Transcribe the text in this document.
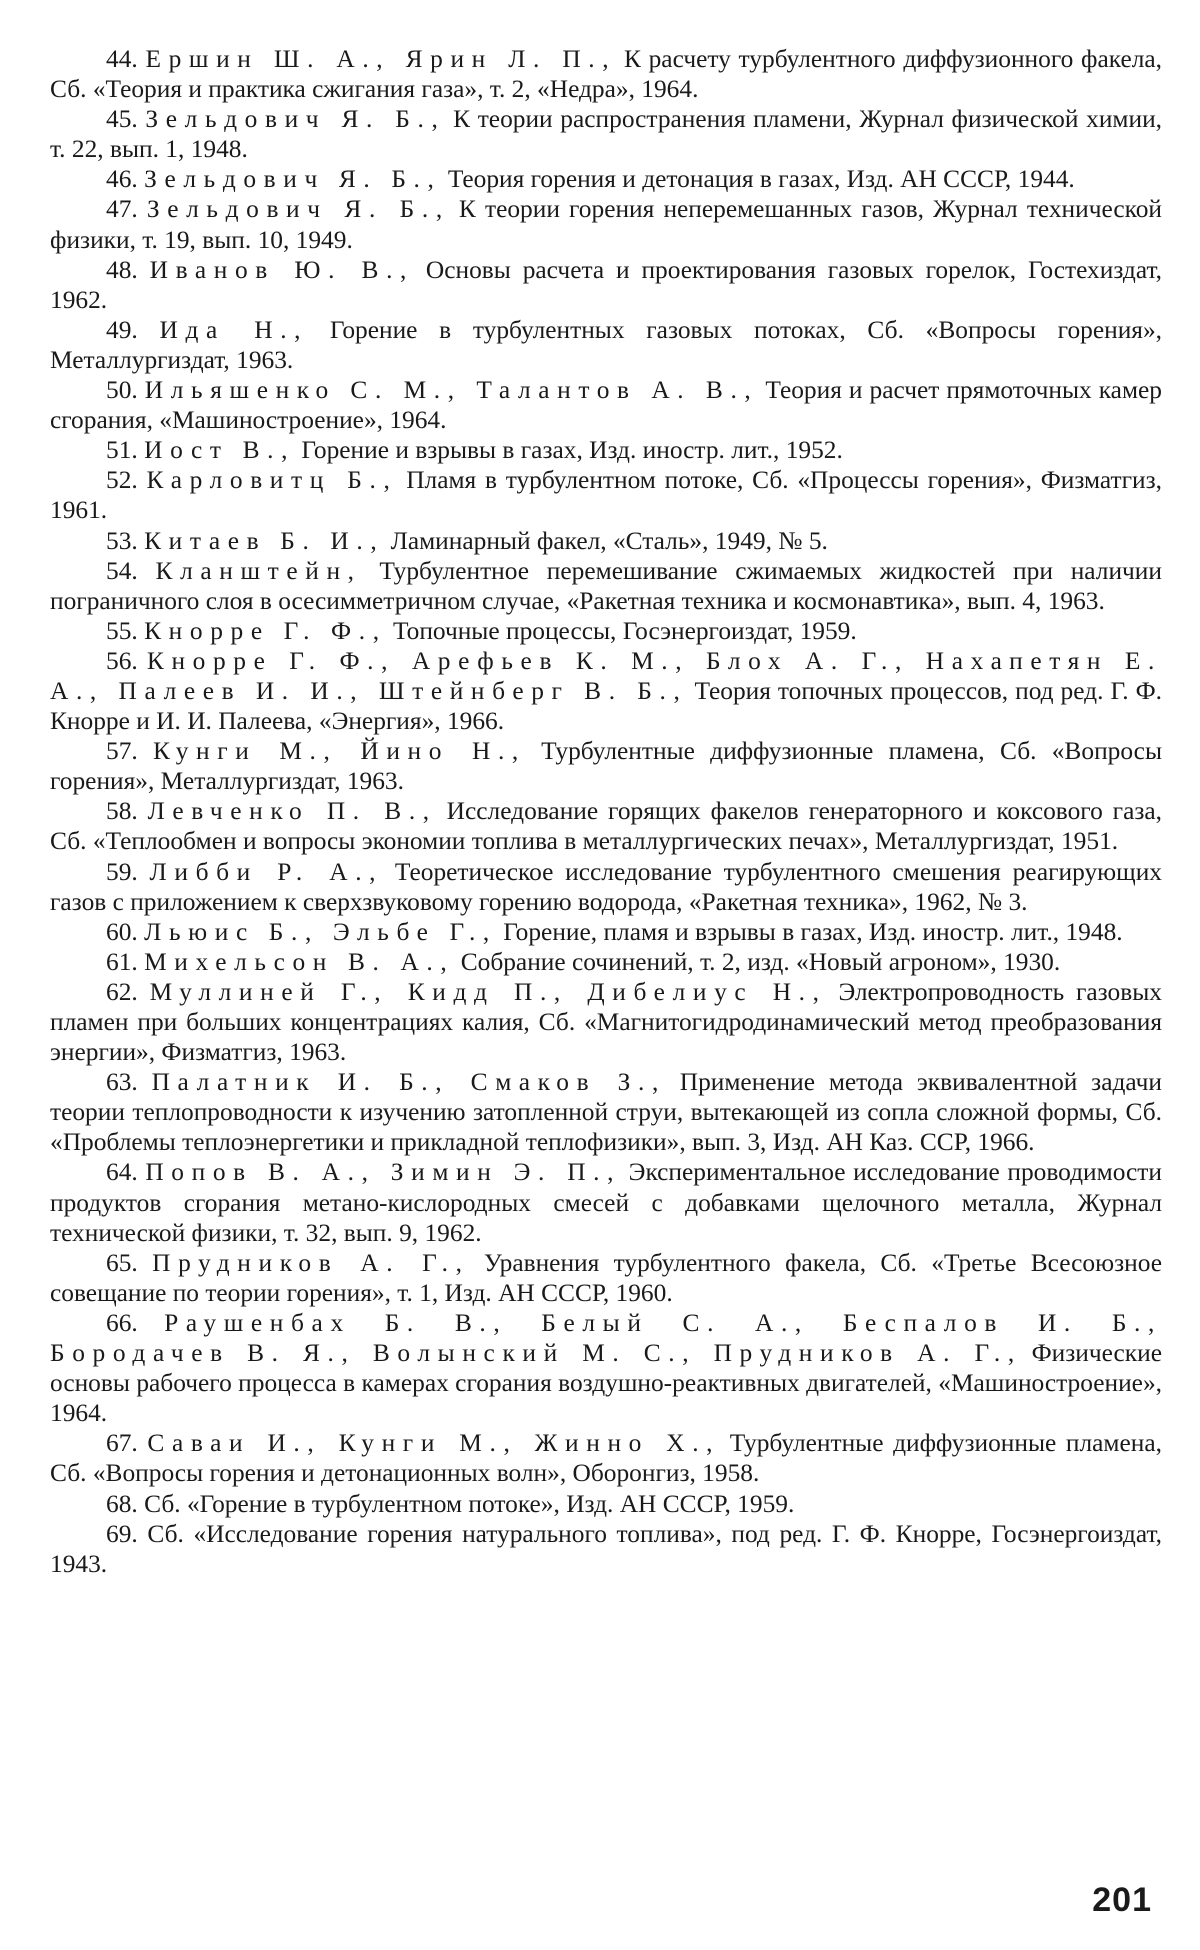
44. Ершин Ш. А., Ярин Л. П., К расчету турбулентного диффузионного факела, Сб. «Теория и практика сжигания газа», т. 2, «Недра», 1964.

45. Зельдович Я. Б., К теории распространения пламени, Журнал физической химии, т. 22, вып. 1, 1948.

46. Зельдович Я. Б., Теория горения и детонация в газах, Изд. АН СССР, 1944.

47. Зельдович Я. Б., К теории горения неперемешанных газов, Журнал технической физики, т. 19, вып. 10, 1949.

48. Иванов Ю. В., Основы расчета и проектирования газовых горелок, Гостехиздат, 1962.

49. Ида Н., Горение в турбулентных газовых потоках, Сб. «Вопросы горения», Металлургиздат, 1963.

50. Ильяшенко С. М., Талантов А. В., Теория и расчет прямоточных камер сгорания, «Машиностроение», 1964.

51. Иост В., Горение и взрывы в газах, Изд. иностр. лит., 1952.

52. Карловитц Б., Пламя в турбулентном потоке, Сб. «Процессы горения», Физматгиз, 1961.

53. Китаев Б. И., Ламинарный факел, «Сталь», 1949, № 5.

54. Кланштейн, Турбулентное перемешивание сжимаемых жидкостей при наличии пограничного слоя в осесимметричном случае, «Ракетная техника и космонавтика», вып. 4, 1963.

55. Кнорре Г. Ф., Топочные процессы, Госэнергоиздат, 1959.

56. Кнорре Г. Ф., Арефьев К. М., Блох А. Г., Нахапетян Е. А., Палеев И. И., Штейнберг В. Б., Теория топочных процессов, под ред. Г. Ф. Кнорре и И. И. Палеева, «Энергия», 1966.

57. Кунги М., Йино Н., Турбулентные диффузионные пламена, Сб. «Вопросы горения», Металлургиздат, 1963.

58. Левченко П. В., Исследование горящих факелов генераторного и коксового газа, Сб. «Теплообмен и вопросы экономии топлива в металлургических печах», Металлургиздат, 1951.

59. Либби Р. А., Теоретическое исследование турбулентного смешения реагирующих газов с приложением к сверхзвуковому горению водорода, «Ракетная техника», 1962, № 3.

60. Льюис Б., Эльбе Г., Горение, пламя и взрывы в газах, Изд. иностр. лит., 1948.

61. Михельсон В. А., Собрание сочинений, т. 2, изд. «Новый агроном», 1930.

62. Муллиней Г., Кидд П., Дибелиус Н., Электропроводность газовых пламен при больших концентрациях калия, Сб. «Магнитогидродинамический метод преобразования энергии», Физматгиз, 1963.

63. Палатник И. Б., Смаков З., Применение метода эквивалентной задачи теории теплопроводности к изучению затопленной струи, вытекающей из сопла сложной формы, Сб. «Проблемы теплоэнергетики и прикладной теплофизики», вып. 3, Изд. АН Каз. ССР, 1966.

64. Попов В. А., Зимин Э. П., Экспериментальное исследование проводимости продуктов сгорания метано-кислородных смесей с добавками щелочного металла, Журнал технической физики, т. 32, вып. 9, 1962.

65. Прудников А. Г., Уравнения турбулентного факела, Сб. «Третье Всесоюзное совещание по теории горения», т. 1, Изд. АН СССР, 1960.

66. Раушенбах Б. В., Белый С. А., Беспалов И. Б., Бородачев В. Я., Волынский М. С., Прудников А. Г., Физические основы рабочего процесса в камерах сгорания воздушно-реактивных двигателей, «Машиностроение», 1964.

67. Саваи И., Кунги М., Жинно Х., Турбулентные диффузионные пламена, Сб. «Вопросы горения и детонационных волн», Оборонгиз, 1958.

68. Сб. «Горение в турбулентном потоке», Изд. АН СССР, 1959.

69. Сб. «Исследование горения натурального топлива», под ред. Г. Ф. Кнорре, Госэнергоиздат, 1943.

201
